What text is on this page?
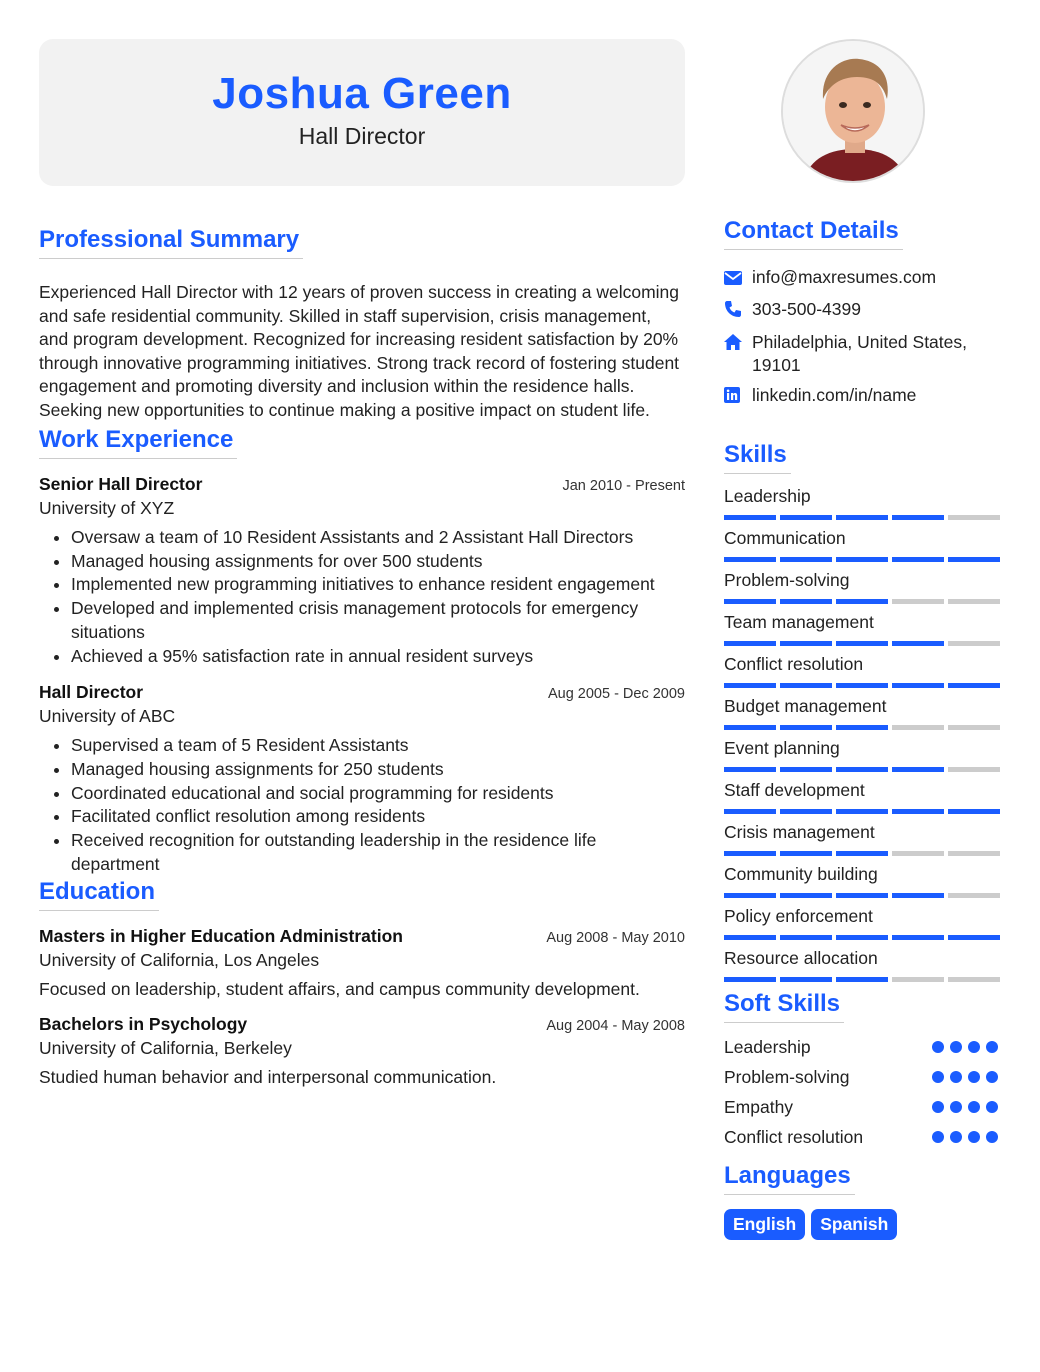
Joshua Green
Hall Director
Professional Summary
Experienced Hall Director with 12 years of proven success in creating a welcoming and safe residential community. Skilled in staff supervision, crisis management, and program development. Recognized for increasing resident satisfaction by 20% through innovative programming initiatives. Strong track record of fostering student engagement and promoting diversity and inclusion within the residence halls. Seeking new opportunities to continue making a positive impact on student life.
Work Experience
Senior Hall Director	Jan 2010 - Present
University of XYZ
• Oversaw a team of 10 Resident Assistants and 2 Assistant Hall Directors
• Managed housing assignments for over 500 students
• Implemented new programming initiatives to enhance resident engagement
• Developed and implemented crisis management protocols for emergency situations
• Achieved a 95% satisfaction rate in annual resident surveys
Hall Director	Aug 2005 - Dec 2009
University of ABC
• Supervised a team of 5 Resident Assistants
• Managed housing assignments for 250 students
• Coordinated educational and social programming for residents
• Facilitated conflict resolution among residents
• Received recognition for outstanding leadership in the residence life department
Education
Masters in Higher Education Administration	Aug 2008 - May 2010
University of California, Los Angeles
Focused on leadership, student affairs, and campus community development.
Bachelors in Psychology	Aug 2004 - May 2008
University of California, Berkeley
Studied human behavior and interpersonal communication.
Contact Details
info@maxresumes.com
303-500-4399
Philadelphia, United States, 19101
linkedin.com/in/name
Skills
Leadership
Communication
Problem-solving
Team management
Conflict resolution
Budget management
Event planning
Staff development
Crisis management
Community building
Policy enforcement
Resource allocation
Soft Skills
Leadership
Problem-solving
Empathy
Conflict resolution
Languages
English	Spanish
